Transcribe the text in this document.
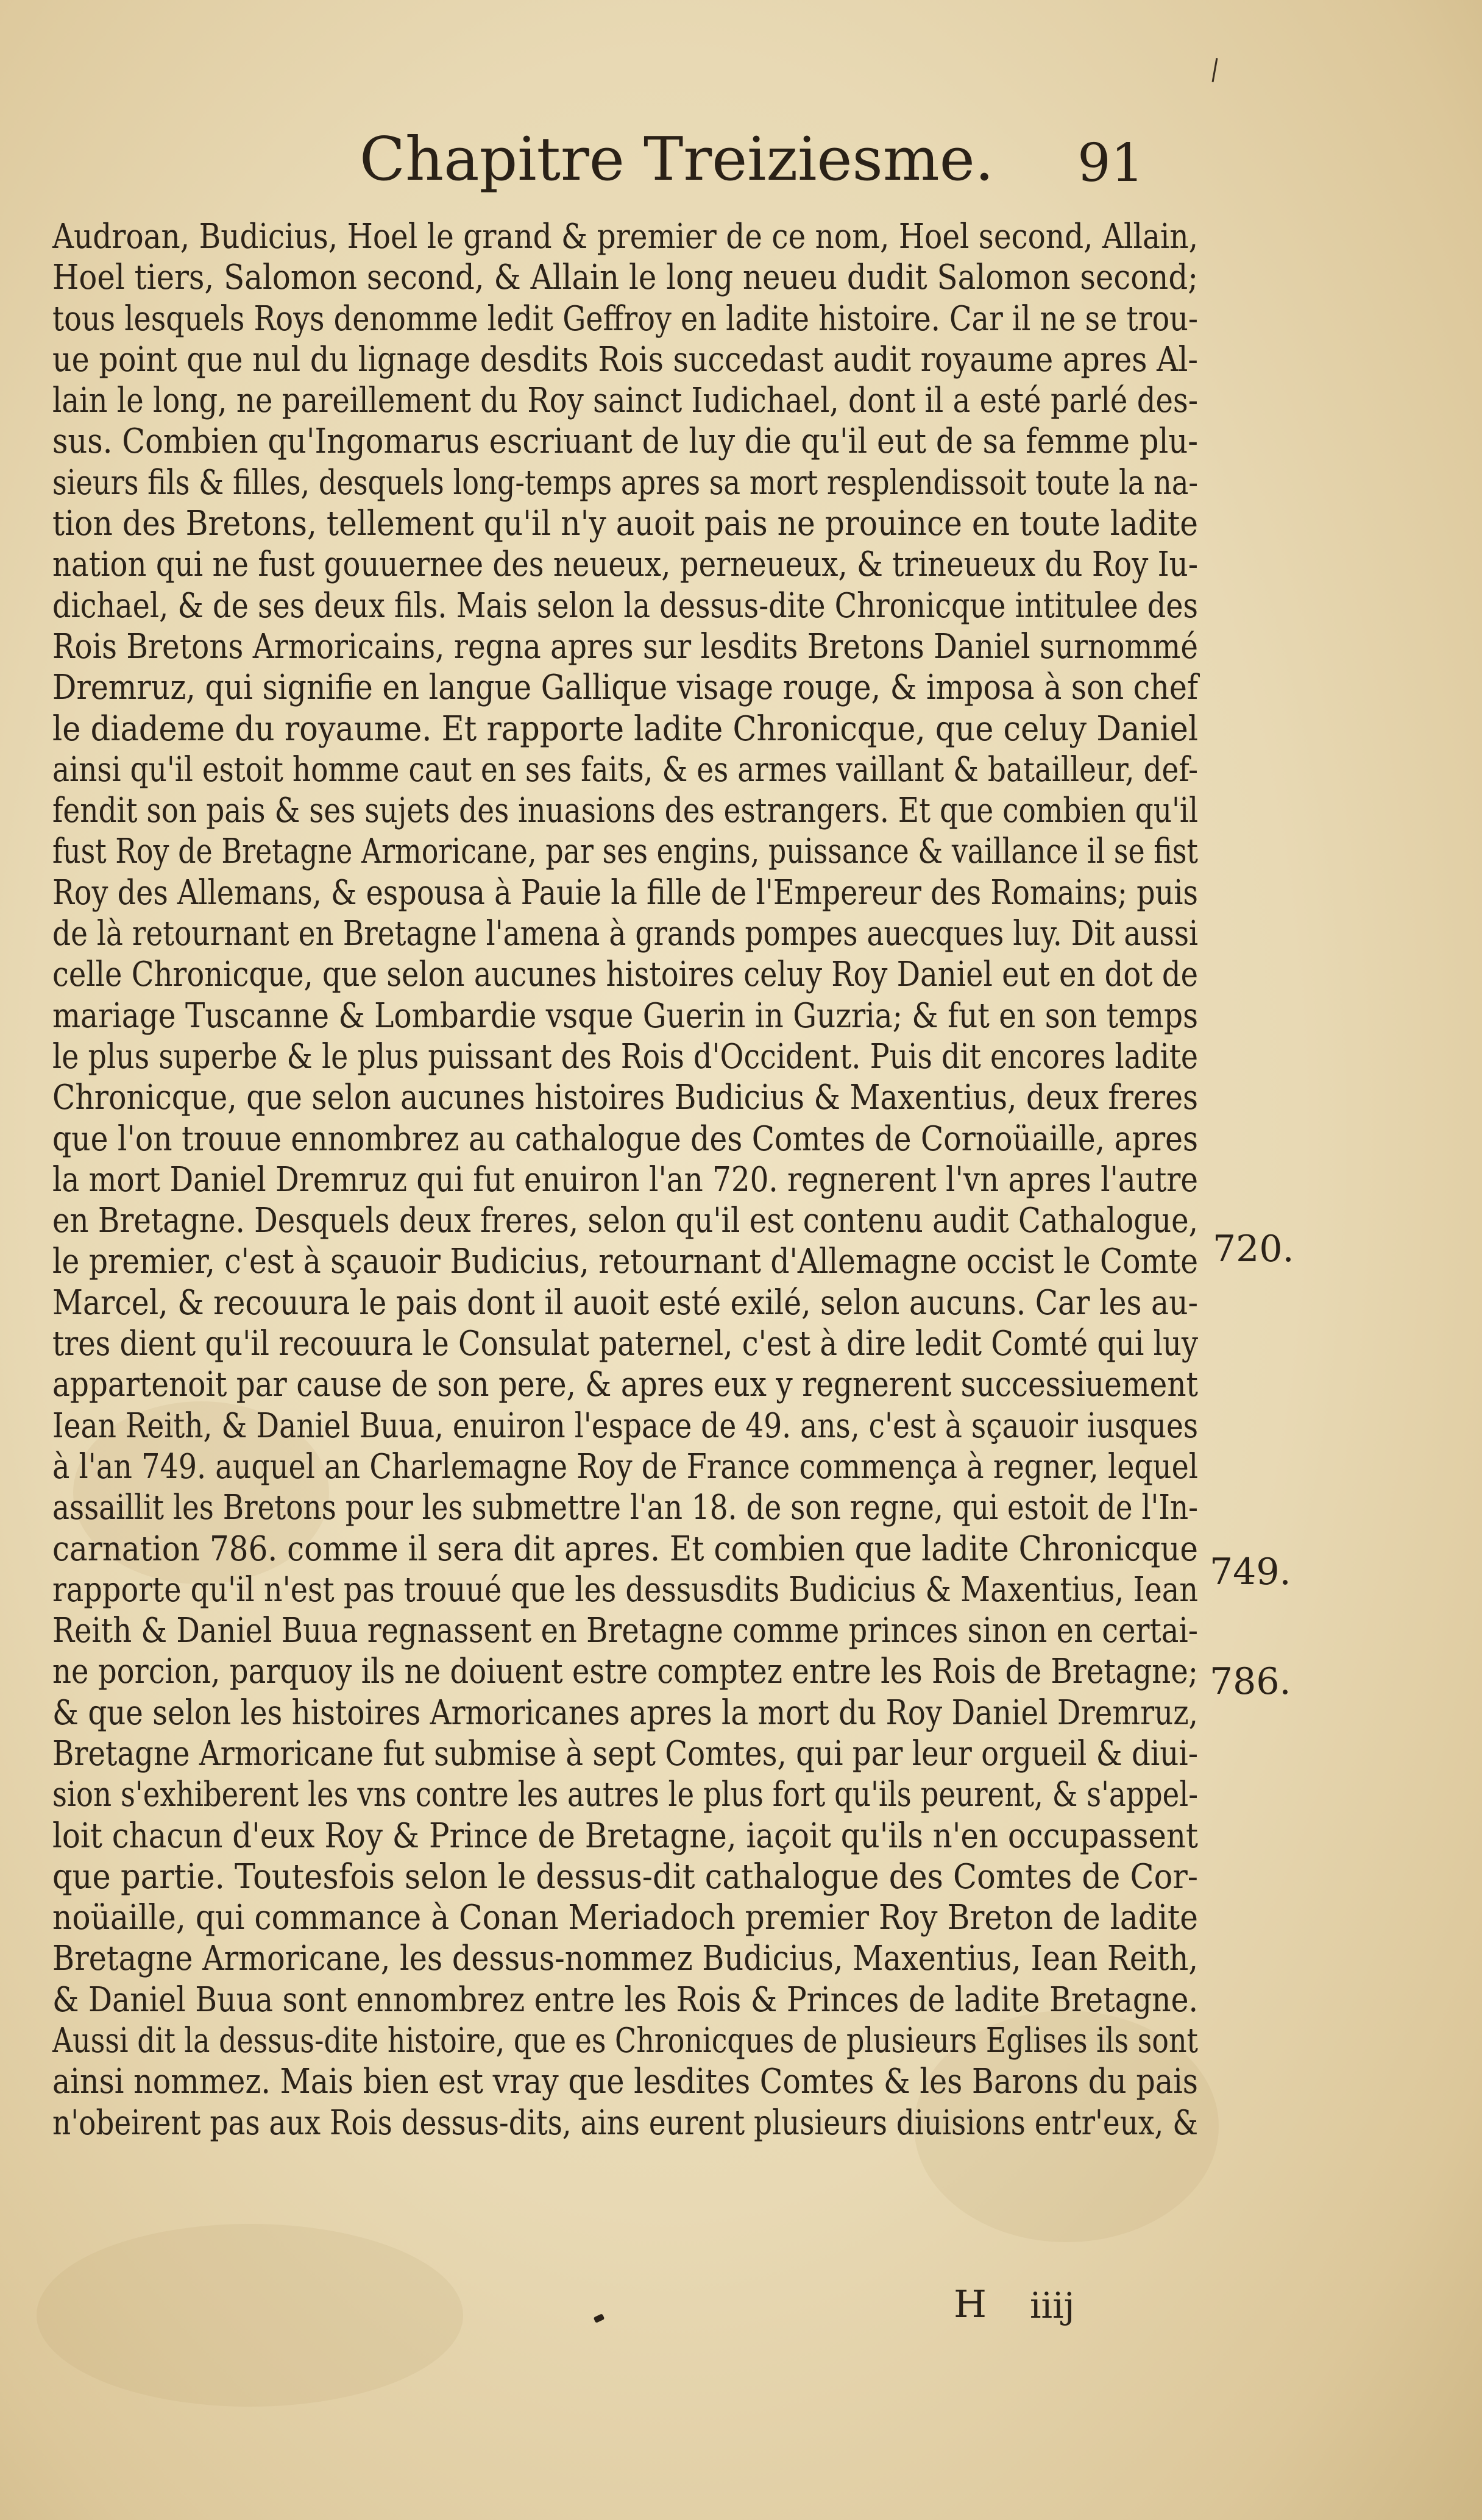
Chapitre Treiziesme. 91
Audroan, Budicius, Hoel le grand & premier de ce nom, Hoel second, Allain,
Hoel tiers, Salomon second, & Allain le long neueu dudit Salomon second;
tous lesquels Roys denomme ledit Geffroy en ladite histoire. Car il ne se trou-
ue point que nul du lignage desdits Rois succedast audit royaume apres Al-
lain le long, ne pareillement du Roy sainct Iudichael, dont il a esté parlé des-
sus. Combien qu'Ingomarus escriuant de luy die qu'il eut de sa femme plu-
sieurs fils & filles, desquels long-temps apres sa mort resplendissoit toute la na-
tion des Bretons, tellement qu'il n'y auoit pais ne prouince en toute ladite
nation qui ne fust gouuernee des neueux, perneueux, & trineueux du Roy Iu-
dichael, & de ses deux fils. Mais selon la dessus-dite Chronicque intitulee des
Rois Bretons Armoricains, regna apres sur lesdits Bretons Daniel surnommé
Dremruz, qui signifie en langue Gallique visage rouge, & imposa à son chef
le diademe du royaume. Et rapporte ladite Chronicque, que celuy Daniel
ainsi qu'il estoit homme caut en ses faits, & es armes vaillant & batailleur, def-
fendit son pais & ses sujets des inuasions des estrangers. Et que combien qu'il
fust Roy de Bretagne Armoricane, par ses engins, puissance & vaillance il se fist
Roy des Allemans, & espousa à Pauie la fille de l'Empereur des Romains; puis
de là retournant en Bretagne l'amena à grands pompes auecques luy. Dit aussi
celle Chronicque, que selon aucunes histoires celuy Roy Daniel eut en dot de
mariage Tuscanne & Lombardie vsque Guerin in Guzria; & fut en son temps
le plus superbe & le plus puissant des Rois d'Occident. Puis dit encores ladite
Chronicque, que selon aucunes histoires Budicius & Maxentius, deux freres
que l'on trouue ennombrez au cathalogue des Comtes de Cornoüaille, apres
la mort Daniel Dremruz qui fut enuiron l'an 720. regnerent l'vn apres l'autre
en Bretagne. Desquels deux freres, selon qu'il est contenu audit Cathalogue,
le premier, c'est à sçauoir Budicius, retournant d'Allemagne occist le Comte
Marcel, & recouura le pais dont il auoit esté exilé, selon aucuns. Car les au-
tres dient qu'il recouura le Consulat paternel, c'est à dire ledit Comté qui luy
appartenoit par cause de son pere, & apres eux y regnerent successiuement
Iean Reith, & Daniel Buua, enuiron l'espace de 49. ans, c'est à sçauoir iusques
à l'an 749. auquel an Charlemagne Roy de France commença à regner, lequel
assaillit les Bretons pour les submettre l'an 18. de son regne, qui estoit de l'In-
carnation 786. comme il sera dit apres. Et combien que ladite Chronicque
rapporte qu'il n'est pas trouué que les dessusdits Budicius & Maxentius, Iean
Reith & Daniel Buua regnassent en Bretagne comme princes sinon en certai-
ne porcion, parquoy ils ne doiuent estre comptez entre les Rois de Bretagne;
& que selon les histoires Armoricanes apres la mort du Roy Daniel Dremruz,
Bretagne Armoricane fut submise à sept Comtes, qui par leur orgueil & diui-
sion s'exhiberent les vns contre les autres le plus fort qu'ils peurent, & s'appel-
loit chacun d'eux Roy & Prince de Bretagne, iaçoit qu'ils n'en occupassent
que partie. Toutesfois selon le dessus-dit cathalogue des Comtes de Cor-
noüaille, qui commance à Conan Meriadoch premier Roy Breton de ladite
Bretagne Armoricane, les dessus-nommez Budicius, Maxentius, Iean Reith,
& Daniel Buua sont ennombrez entre les Rois & Princes de ladite Bretagne.
Aussi dit la dessus-dite histoire, que es Chronicques de plusieurs Eglises ils sont
ainsi nommez. Mais bien est vray que lesdites Comtes & les Barons du pais
n'obeirent pas aux Rois dessus-dits, ains eurent plusieurs diuisions entr'eux, &
720.
749.
786.
H iiij
